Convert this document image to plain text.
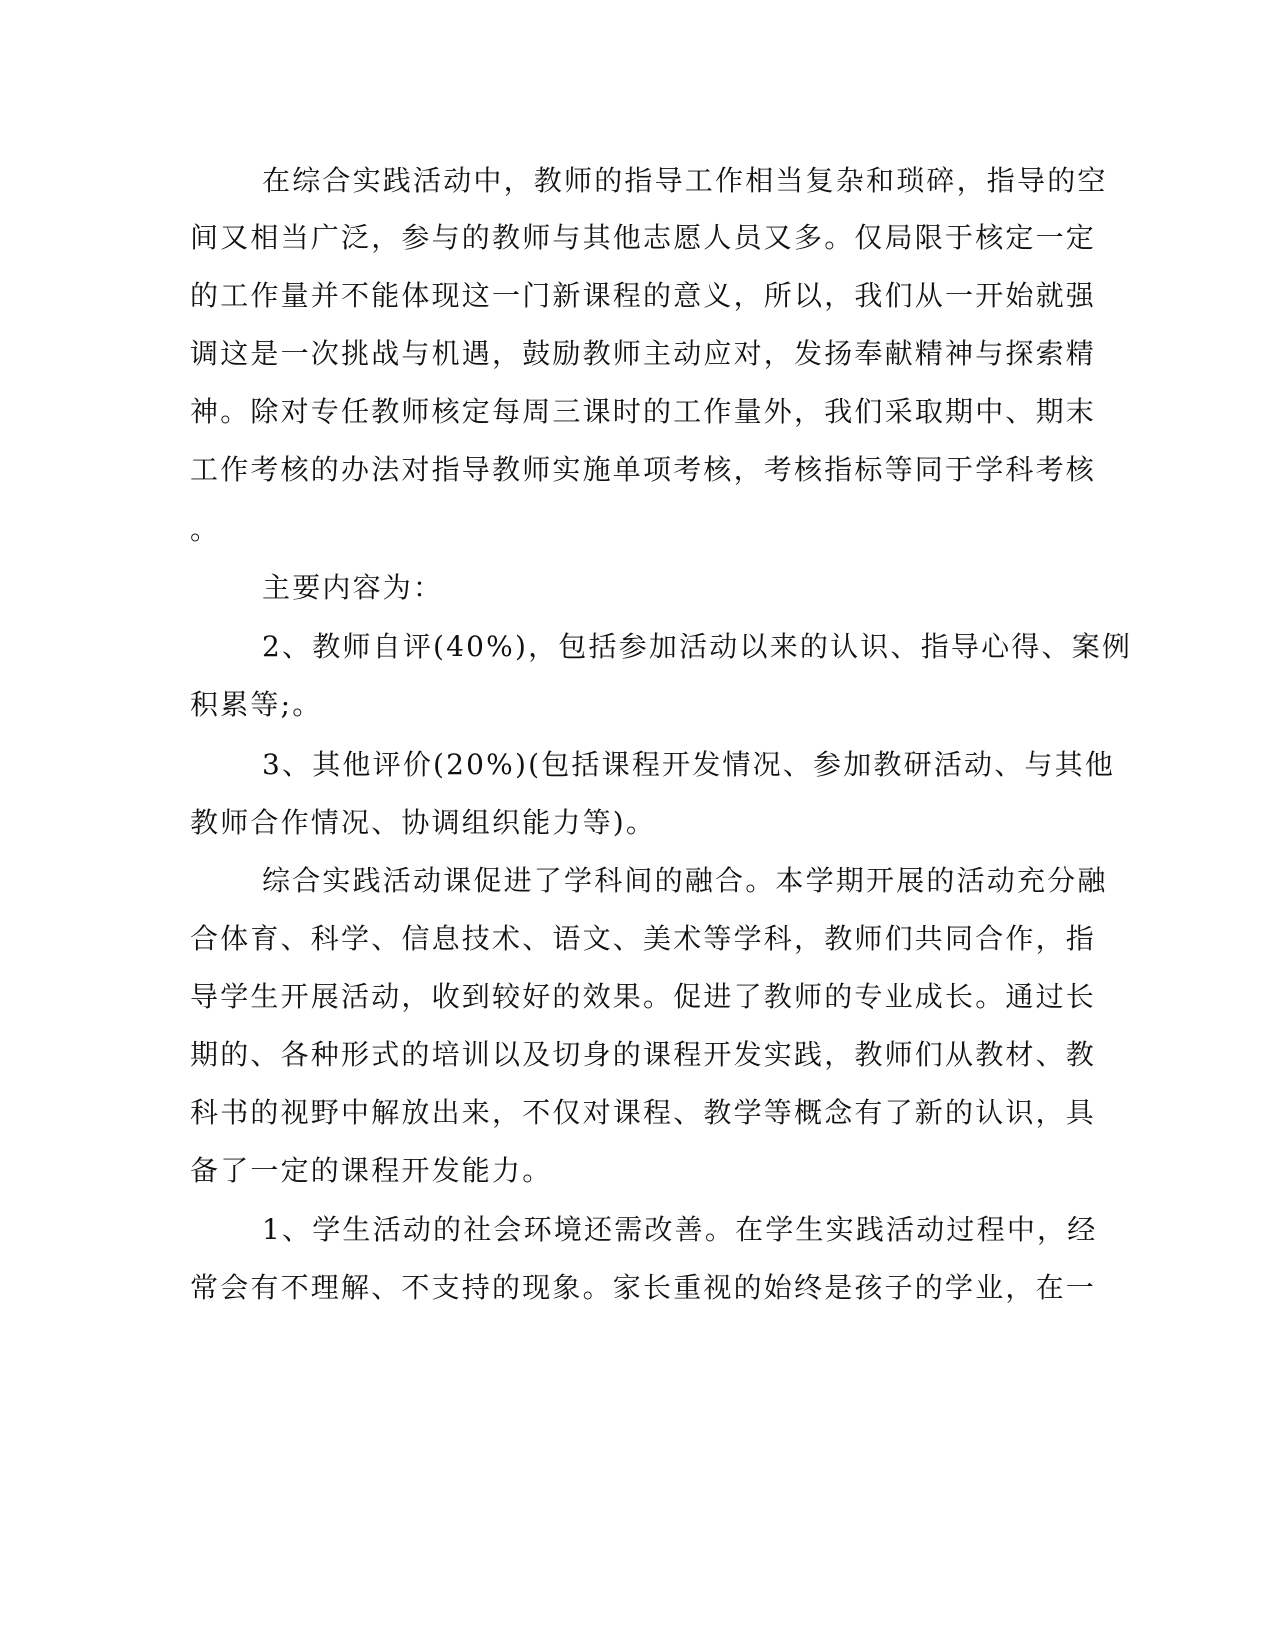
在综合实践活动中，教师的指导工作相当复杂和琐碎，指导的空
间又相当广泛，参与的教师与其他志愿人员又多。仅局限于核定一定
的工作量并不能体现这一门新课程的意义，所以，我们从一开始就强
调这是一次挑战与机遇，鼓励教师主动应对，发扬奉献精神与探索精
神。除对专任教师核定每周三课时的工作量外，我们采取期中、期末
工作考核的办法对指导教师实施单项考核，考核指标等同于学科考核
。
主要内容为：
2、教师自评(40%)，包括参加活动以来的认识、指导心得、案例
积累等;。
3、其他评价(20%)(包括课程开发情况、参加教研活动、与其他
教师合作情况、协调组织能力等)。
综合实践活动课促进了学科间的融合。本学期开展的活动充分融
合体育、科学、信息技术、语文、美术等学科，教师们共同合作，指
导学生开展活动，收到较好的效果。促进了教师的专业成长。通过长
期的、各种形式的培训以及切身的课程开发实践，教师们从教材、教
科书的视野中解放出来，不仅对课程、教学等概念有了新的认识，具
备了一定的课程开发能力。
1、学生活动的社会环境还需改善。在学生实践活动过程中，经
常会有不理解、不支持的现象。家长重视的始终是孩子的学业，在一
